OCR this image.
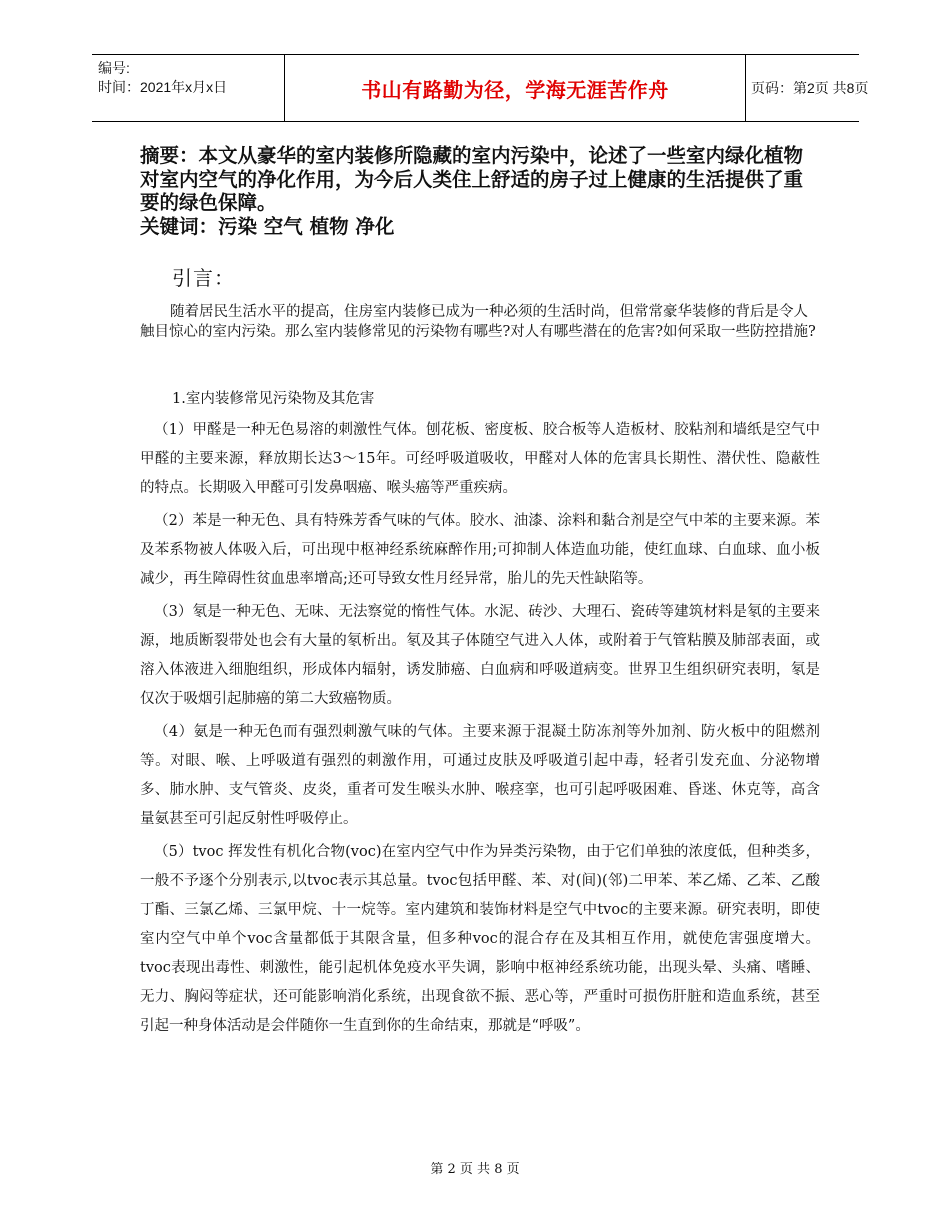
编号:
时间：2021年x月x日	书山有路勤为径，学海无涯苦作舟	页码：第2页 共8页

摘要：本文从豪华的室内装修所隐藏的室内污染中，论述了一些室内绿化植物对室内空气的净化作用，为今后人类住上舒适的房子过上健康的生活提供了重要的绿色保障。

关键词：污染 空气 植物 净化

引言：

随着居民生活水平的提高，住房室内装修已成为一种必须的生活时尚，但常常豪华装修的背后是令人触目惊心的室内污染。那么室内装修常见的污染物有哪些?对人有哪些潜在的危害?如何采取一些防控措施?

1.室内装修常见污染物及其危害

（1）甲醛是一种无色易溶的刺激性气体。刨花板、密度板、胶合板等人造板材、胶粘剂和墙纸是空气中甲醛的主要来源，释放期长达3～15年。可经呼吸道吸收，甲醛对人体的危害具长期性、潜伏性、隐蔽性的特点。长期吸入甲醛可引发鼻咽癌、喉头癌等严重疾病。

（2）苯是一种无色、具有特殊芳香气味的气体。胶水、油漆、涂料和黏合剂是空气中苯的主要来源。苯及苯系物被人体吸入后，可出现中枢神经系统麻醉作用;可抑制人体造血功能，使红血球、白血球、血小板减少，再生障碍性贫血患率增高;还可导致女性月经异常，胎儿的先天性缺陷等。

（3）氡是一种无色、无味、无法察觉的惰性气体。水泥、砖沙、大理石、瓷砖等建筑材料是氡的主要来源，地质断裂带处也会有大量的氡析出。氡及其子体随空气进入人体，或附着于气管粘膜及肺部表面，或溶入体液进入细胞组织，形成体内辐射，诱发肺癌、白血病和呼吸道病变。世界卫生组织研究表明，氡是仅次于吸烟引起肺癌的第二大致癌物质。

（4）氨是一种无色而有强烈刺激气味的气体。主要来源于混凝土防冻剂等外加剂、防火板中的阻燃剂等。对眼、喉、上呼吸道有强烈的刺激作用，可通过皮肤及呼吸道引起中毒，轻者引发充血、分泌物增多、肺水肿、支气管炎、皮炎，重者可发生喉头水肿、喉痉挛，也可引起呼吸困难、昏迷、休克等，高含量氨甚至可引起反射性呼吸停止。

（5）tvoc 挥发性有机化合物(voc)在室内空气中作为异类污染物，由于它们单独的浓度低，但种类多，一般不予逐个分别表示,以tvoc表示其总量。tvoc包括甲醛、苯、对(间)(邻)二甲苯、苯乙烯、乙苯、乙酸丁酯、三氯乙烯、三氯甲烷、十一烷等。室内建筑和装饰材料是空气中tvoc的主要来源。研究表明，即使室内空气中单个voc含量都低于其限含量，但多种voc的混合存在及其相互作用，就使危害强度增大。 tvoc表现出毒性、刺激性，能引起机体免疫水平失调，影响中枢神经系统功能，出现头晕、头痛、嗜睡、无力、胸闷等症状，还可能影响消化系统，出现食欲不振、恶心等，严重时可损伤肝脏和造血系统，甚至引起一种身体活动是会伴随你一生直到你的生命结束，那就是“呼吸”。

第 2 页 共 8 页
